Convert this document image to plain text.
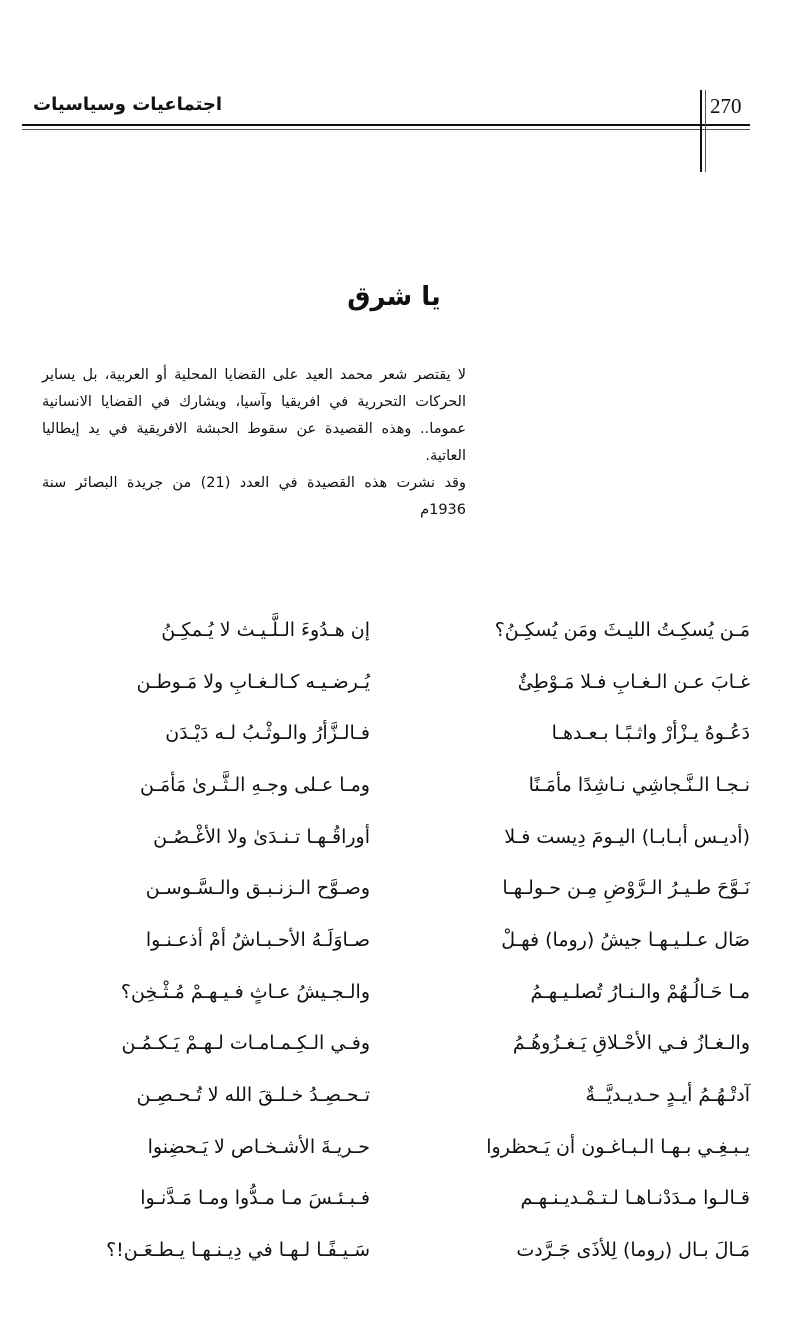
270
اجتماعيات وسياسيات
يا شرق

لا يقتصر شعر محمد العيد على القضايا المحلية أو العربية، بل يساير الحركات التحررية في افريقيا وآسيا، ويشارك في القضايا الانسانية عموما.. وهذه القصيدة عن سقوط الحبشة الافريقية في يد إيطاليا العاتية.

وقد نشرت هذه القصيدة في العدد (21) من جريدة البصائر سنة 1936م

مَـن يُسكِـتُ الليـثَ ومَن يُسكِـنُ؟
إن هـدُوءَ الـلَّـيـث لا يُـمكِـنُ
غـابَ عـن الـغـابِ فـلا مَـوْطِئٌ
يُـرضـيـه كـالـغـابِ ولا مَـوطـن
دَعُـوهُ يـزْأرْ واثـبًـا بـعـدهـا
فـالـزَّأرُ والـوثْـبُ لـه دَيْـدَن
نـجـا الـنَّـجاشِي نـاشِدًا مأمَـنًا
ومـا عـلى وجـهِ الـثَّـرىٰ مَأمَـن
(أديـس أبـابـا) اليـومَ دِيست فـلا
أوراقُـهـا تـنـدَىٰ ولا الأغْـصُـن
نَـوَّحَ طـيـرُ الـرَّوْضِ مِـن حـولـهـا
وصـوَّح الـزنـبـق والـسَّـوسـن
صَال عـلـيـهـا جيشُ (روما) فهـلْ
صـاوَلَـهُ الأحـبـاشُ أمْ أذعـنـوا
مـا حَـالُـهُمْ والـنـارُ تُصلـيـهـمُ
والـجـيشُ عـاثٍ فـيـهـمْ مُـثْـخِن؟
والـغـازُ فـي الأحْـلاقِ يَـغـزُوهُـمُ
وفـي الـكِـمـامـات لـهـمْ يَـكـمُـن
آدتْـهُـمُ أيـدٍ حـديـديَّــةٌ
تـحـصِـدُ خـلـقَ الله لا تُـحـصِـن
يـبـغِـي بـهـا الـبـاغـون أن يَـحظروا
حـريـةَ الأشـخـاص لا يَـحضِنوا
قـالـوا مـدَدْنـاهـا لـتـمْـديـنـهـم
فـبـئـسَ مـا مـدُّوا ومـا مَـدَّنـوا
مَـالَ بـال (روما) لِلأذَى جَـرَّدت
سَـيـفًـا لـهـا في دِيـنـهـا يـطـعَـن!؟
